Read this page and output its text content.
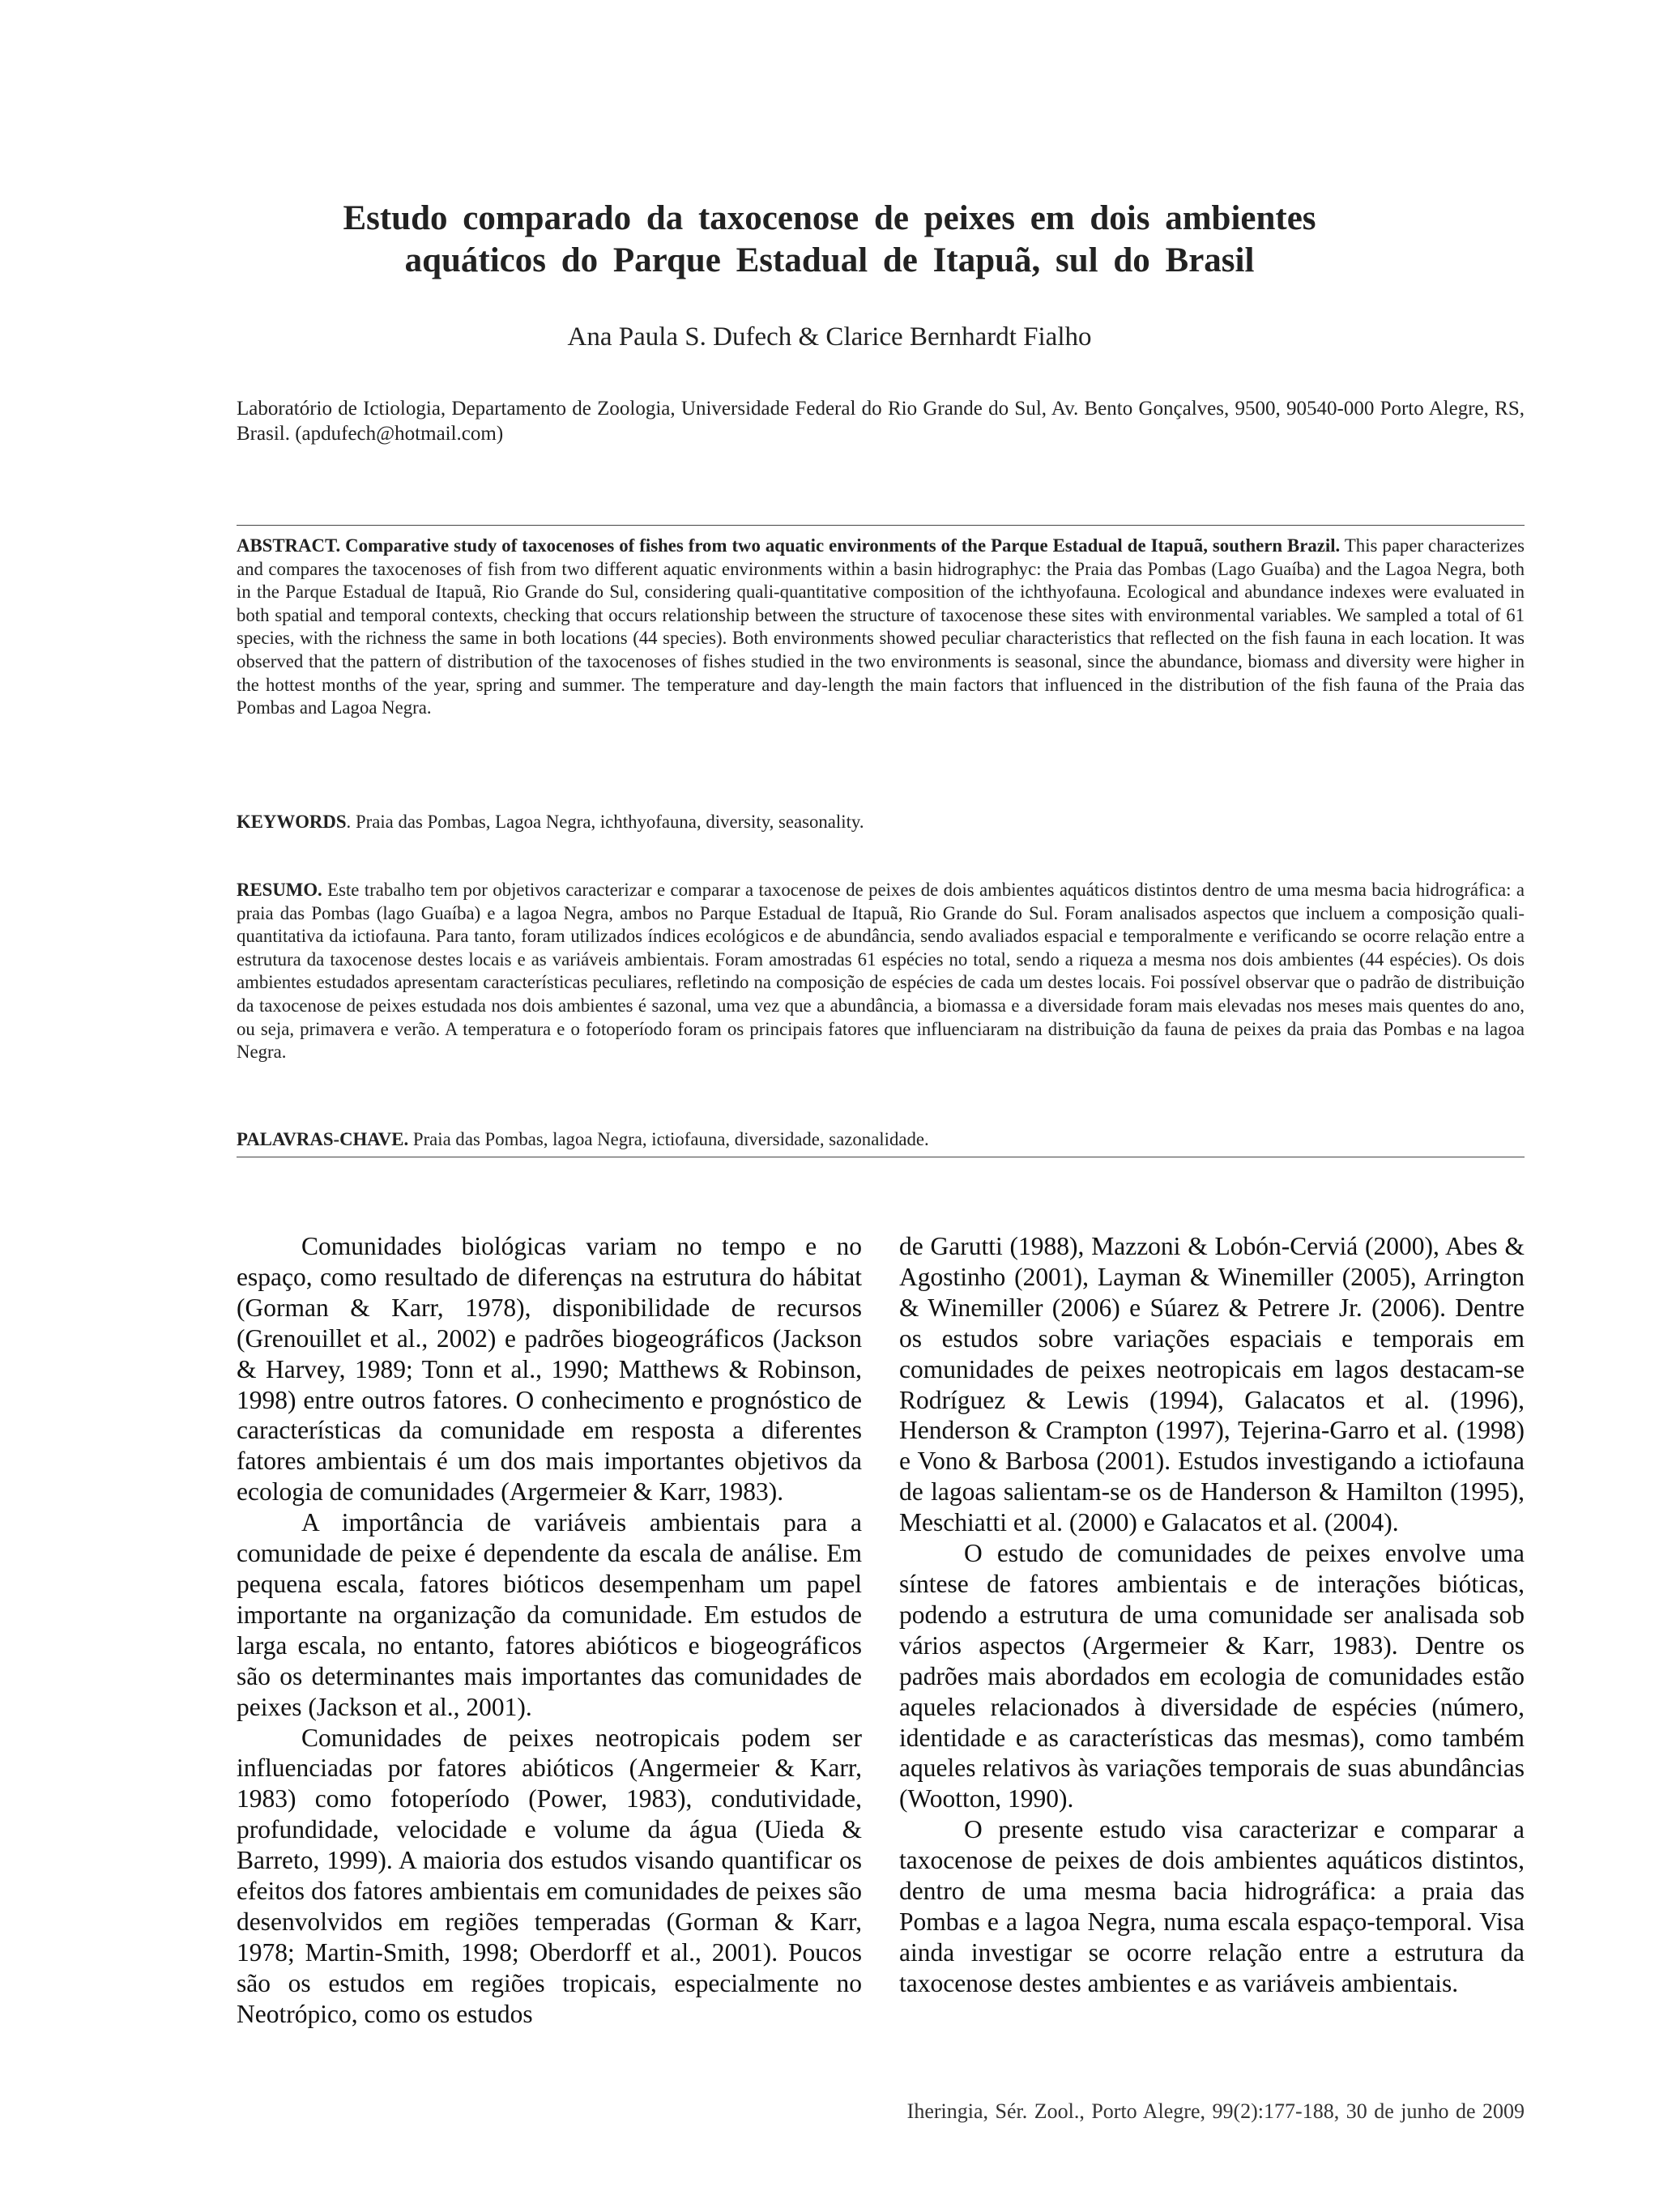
Estudo comparado da taxocenose de peixes em dois ambientes
aquáticos do Parque Estadual de Itapuã, sul do Brasil
Ana Paula S. Dufech & Clarice Bernhardt Fialho
Laboratório de Ictiologia, Departamento de Zoologia, Universidade Federal do Rio Grande do Sul, Av. Bento Gonçalves, 9500, 90540-000 Porto Alegre, RS, Brasil. (apdufech@hotmail.com)
ABSTRACT. Comparative study of taxocenoses of fishes from two aquatic environments of the Parque Estadual de Itapuã, southern Brazil. This paper characterizes and compares the taxocenoses of fish from two different aquatic environments within a basin hidrographyc: the Praia das Pombas (Lago Guaíba) and the Lagoa Negra, both in the Parque Estadual de Itapuã, Rio Grande do Sul, considering quali-quantitative composition of the ichthyofauna. Ecological and abundance indexes were evaluated in both spatial and temporal contexts, checking that occurs relationship between the structure of taxocenose these sites with environmental variables. We sampled a total of 61 species, with the richness the same in both locations (44 species). Both environments showed peculiar characteristics that reflected on the fish fauna in each location. It was observed that the pattern of distribution of the taxocenoses of fishes studied in the two environments is seasonal, since the abundance, biomass and diversity were higher in the hottest months of the year, spring and summer. The temperature and day-length the main factors that influenced in the distribution of the fish fauna of the Praia das Pombas and Lagoa Negra.
KEYWORDS. Praia das Pombas, Lagoa Negra, ichthyofauna, diversity, seasonality.
RESUMO. Este trabalho tem por objetivos caracterizar e comparar a taxocenose de peixes de dois ambientes aquáticos distintos dentro de uma mesma bacia hidrográfica: a praia das Pombas (lago Guaíba) e a lagoa Negra, ambos no Parque Estadual de Itapuã, Rio Grande do Sul. Foram analisados aspectos que incluem a composição quali-quantitativa da ictiofauna. Para tanto, foram utilizados índices ecológicos e de abundância, sendo avaliados espacial e temporalmente e verificando se ocorre relação entre a estrutura da taxocenose destes locais e as variáveis ambientais. Foram amostradas 61 espécies no total, sendo a riqueza a mesma nos dois ambientes (44 espécies). Os dois ambientes estudados apresentam características peculiares, refletindo na composição de espécies de cada um destes locais. Foi possível observar que o padrão de distribuição da taxocenose de peixes estudada nos dois ambientes é sazonal, uma vez que a abundância, a biomassa e a diversidade foram mais elevadas nos meses mais quentes do ano, ou seja, primavera e verão. A temperatura e o fotoperíodo foram os principais fatores que influenciaram na distribuição da fauna de peixes da praia das Pombas e na lagoa Negra.
PALAVRAS-CHAVE. Praia das Pombas, lagoa Negra, ictiofauna, diversidade, sazonalidade.

Comunidades biológicas variam no tempo e no espaço, como resultado de diferenças na estrutura do hábitat (Gorman & Karr, 1978), disponibilidade de recursos (Grenouillet et al., 2002) e padrões biogeográficos (Jackson & Harvey, 1989; Tonn et al., 1990; Matthews & Robinson, 1998) entre outros fatores. O conhecimento e prognóstico de características da comunidade em resposta a diferentes fatores ambientais é um dos mais importantes objetivos da ecologia de comunidades (Argermeier & Karr, 1983).

A importância de variáveis ambientais para a comunidade de peixe é dependente da escala de análise. Em pequena escala, fatores bióticos desempenham um papel importante na organização da comunidade. Em estudos de larga escala, no entanto, fatores abióticos e biogeográficos são os determinantes mais importantes das comunidades de peixes (Jackson et al., 2001).

Comunidades de peixes neotropicais podem ser influenciadas por fatores abióticos (Angermeier & Karr, 1983) como fotoperíodo (Power, 1983), condutividade, profundidade, velocidade e volume da água (Uieda & Barreto, 1999). A maioria dos estudos visando quantificar os efeitos dos fatores ambientais em comunidades de peixes são desenvolvidos em regiões temperadas (Gorman & Karr, 1978; Martin-Smith, 1998; Oberdorff et al., 2001). Poucos são os estudos em regiões tropicais, especialmente no Neotrópico, como os estudos

de Garutti (1988), Mazzoni & Lobón-Cerviá (2000), Abes & Agostinho (2001), Layman & Winemiller (2005), Arrington & Winemiller (2006) e Súarez & Petrere Jr. (2006). Dentre os estudos sobre variações espaciais e temporais em comunidades de peixes neotropicais em lagos destacam-se Rodríguez & Lewis (1994), Galacatos et al. (1996), Henderson & Crampton (1997), Tejerina-Garro et al. (1998) e Vono & Barbosa (2001). Estudos investigando a ictiofauna de lagoas salientam-se os de Handerson & Hamilton (1995), Meschiatti et al. (2000) e Galacatos et al. (2004).

O estudo de comunidades de peixes envolve uma síntese de fatores ambientais e de interações bióticas, podendo a estrutura de uma comunidade ser analisada sob vários aspectos (Argermeier & Karr, 1983). Dentre os padrões mais abordados em ecologia de comunidades estão aqueles relacionados à diversidade de espécies (número, identidade e as características das mesmas), como também aqueles relativos às variações temporais de suas abundâncias (Wootton, 1990).

O presente estudo visa caracterizar e comparar a taxocenose de peixes de dois ambientes aquáticos distintos, dentro de uma mesma bacia hidrográfica: a praia das Pombas e a lagoa Negra, numa escala espaço-temporal. Visa ainda investigar se ocorre relação entre a estrutura da taxocenose destes ambientes e as variáveis ambientais.

Iheringia, Sér. Zool., Porto Alegre, 99(2):177-188, 30 de junho de 2009
